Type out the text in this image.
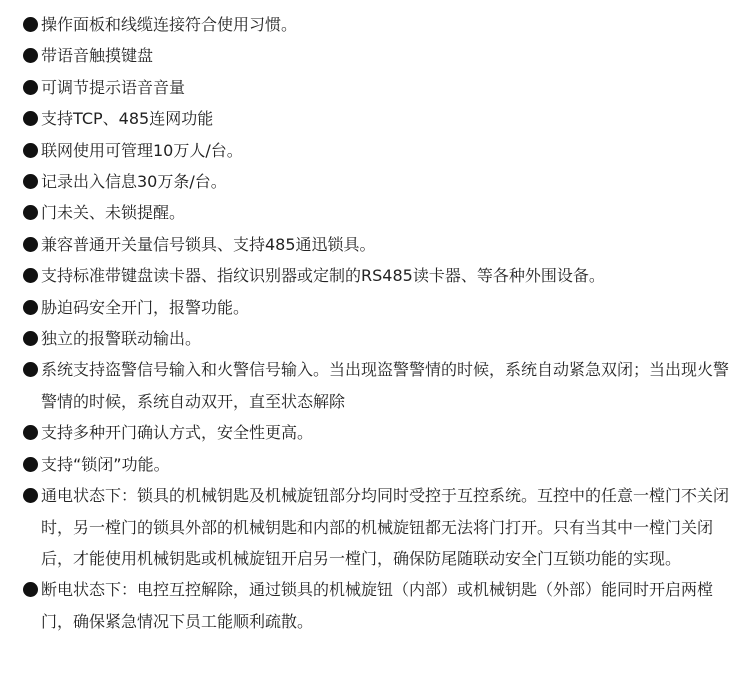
操作面板和线缆连接符合使用习惯。
带语音触摸键盘
可调节提示语音音量
支持TCP、485连网功能
联网使用可管理10万人/台。
记录出入信息30万条/台。
门未关、未锁提醒。
兼容普通开关量信号锁具、支持485通迅锁具。
支持标准带键盘读卡器、指纹识别器或定制的RS485读卡器、等各种外围设备。
胁迫码安全开门，报警功能。
独立的报警联动输出。
系统支持盗警信号输入和火警信号输入。当出现盗警警情的时候，系统自动紧急双闭；当出现火警警情的时候，系统自动双开，直至状态解除
支持多种开门确认方式，安全性更高。
支持“锁闭”功能。
通电状态下：锁具的机械钥匙及机械旋钮部分均同时受控于互控系统。互控中的任意一樘门不关闭时，另一樘门的锁具外部的机械钥匙和内部的机械旋钮都无法将门打开。只有当其中一樘门关闭后，才能使用机械钥匙或机械旋钮开启另一樘门，确保防尾随联动安全门互锁功能的实现。
断电状态下：电控互控解除，通过锁具的机械旋钮（内部）或机械钥匙（外部）能同时开启两樘门，确保紧急情况下员工能顺利疏散。
